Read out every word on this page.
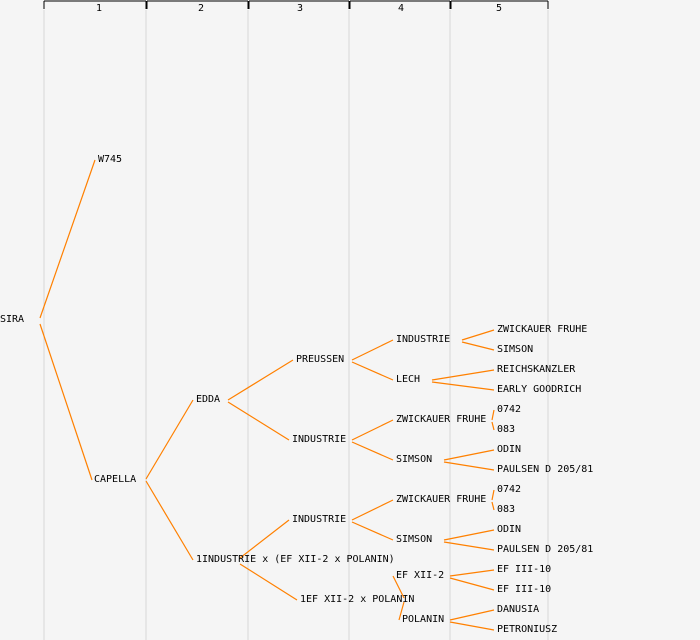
1	2	3	4	5
SIRA
W745
CAPELLA
EDDA
1INDUSTRIE x (EF XII-2 x POLANIN)
PREUSSEN
INDUSTRIE
INDUSTRIE
1EF XII-2 x POLANIN
INDUSTRIE
LECH
ZWICKAUER FRUHE
SIMSON
ZWICKAUER FRUHE
SIMSON
EF XII-2
POLANIN
ZWICKAUER FRUHE
SIMSON
REICHSKANZLER
EARLY GOODRICH
0742
083
ODIN
PAULSEN D 205/81
0742
083
ODIN
PAULSEN D 205/81
EF III-10
EF III-10
DANUSIA
PETRONIUSZ
